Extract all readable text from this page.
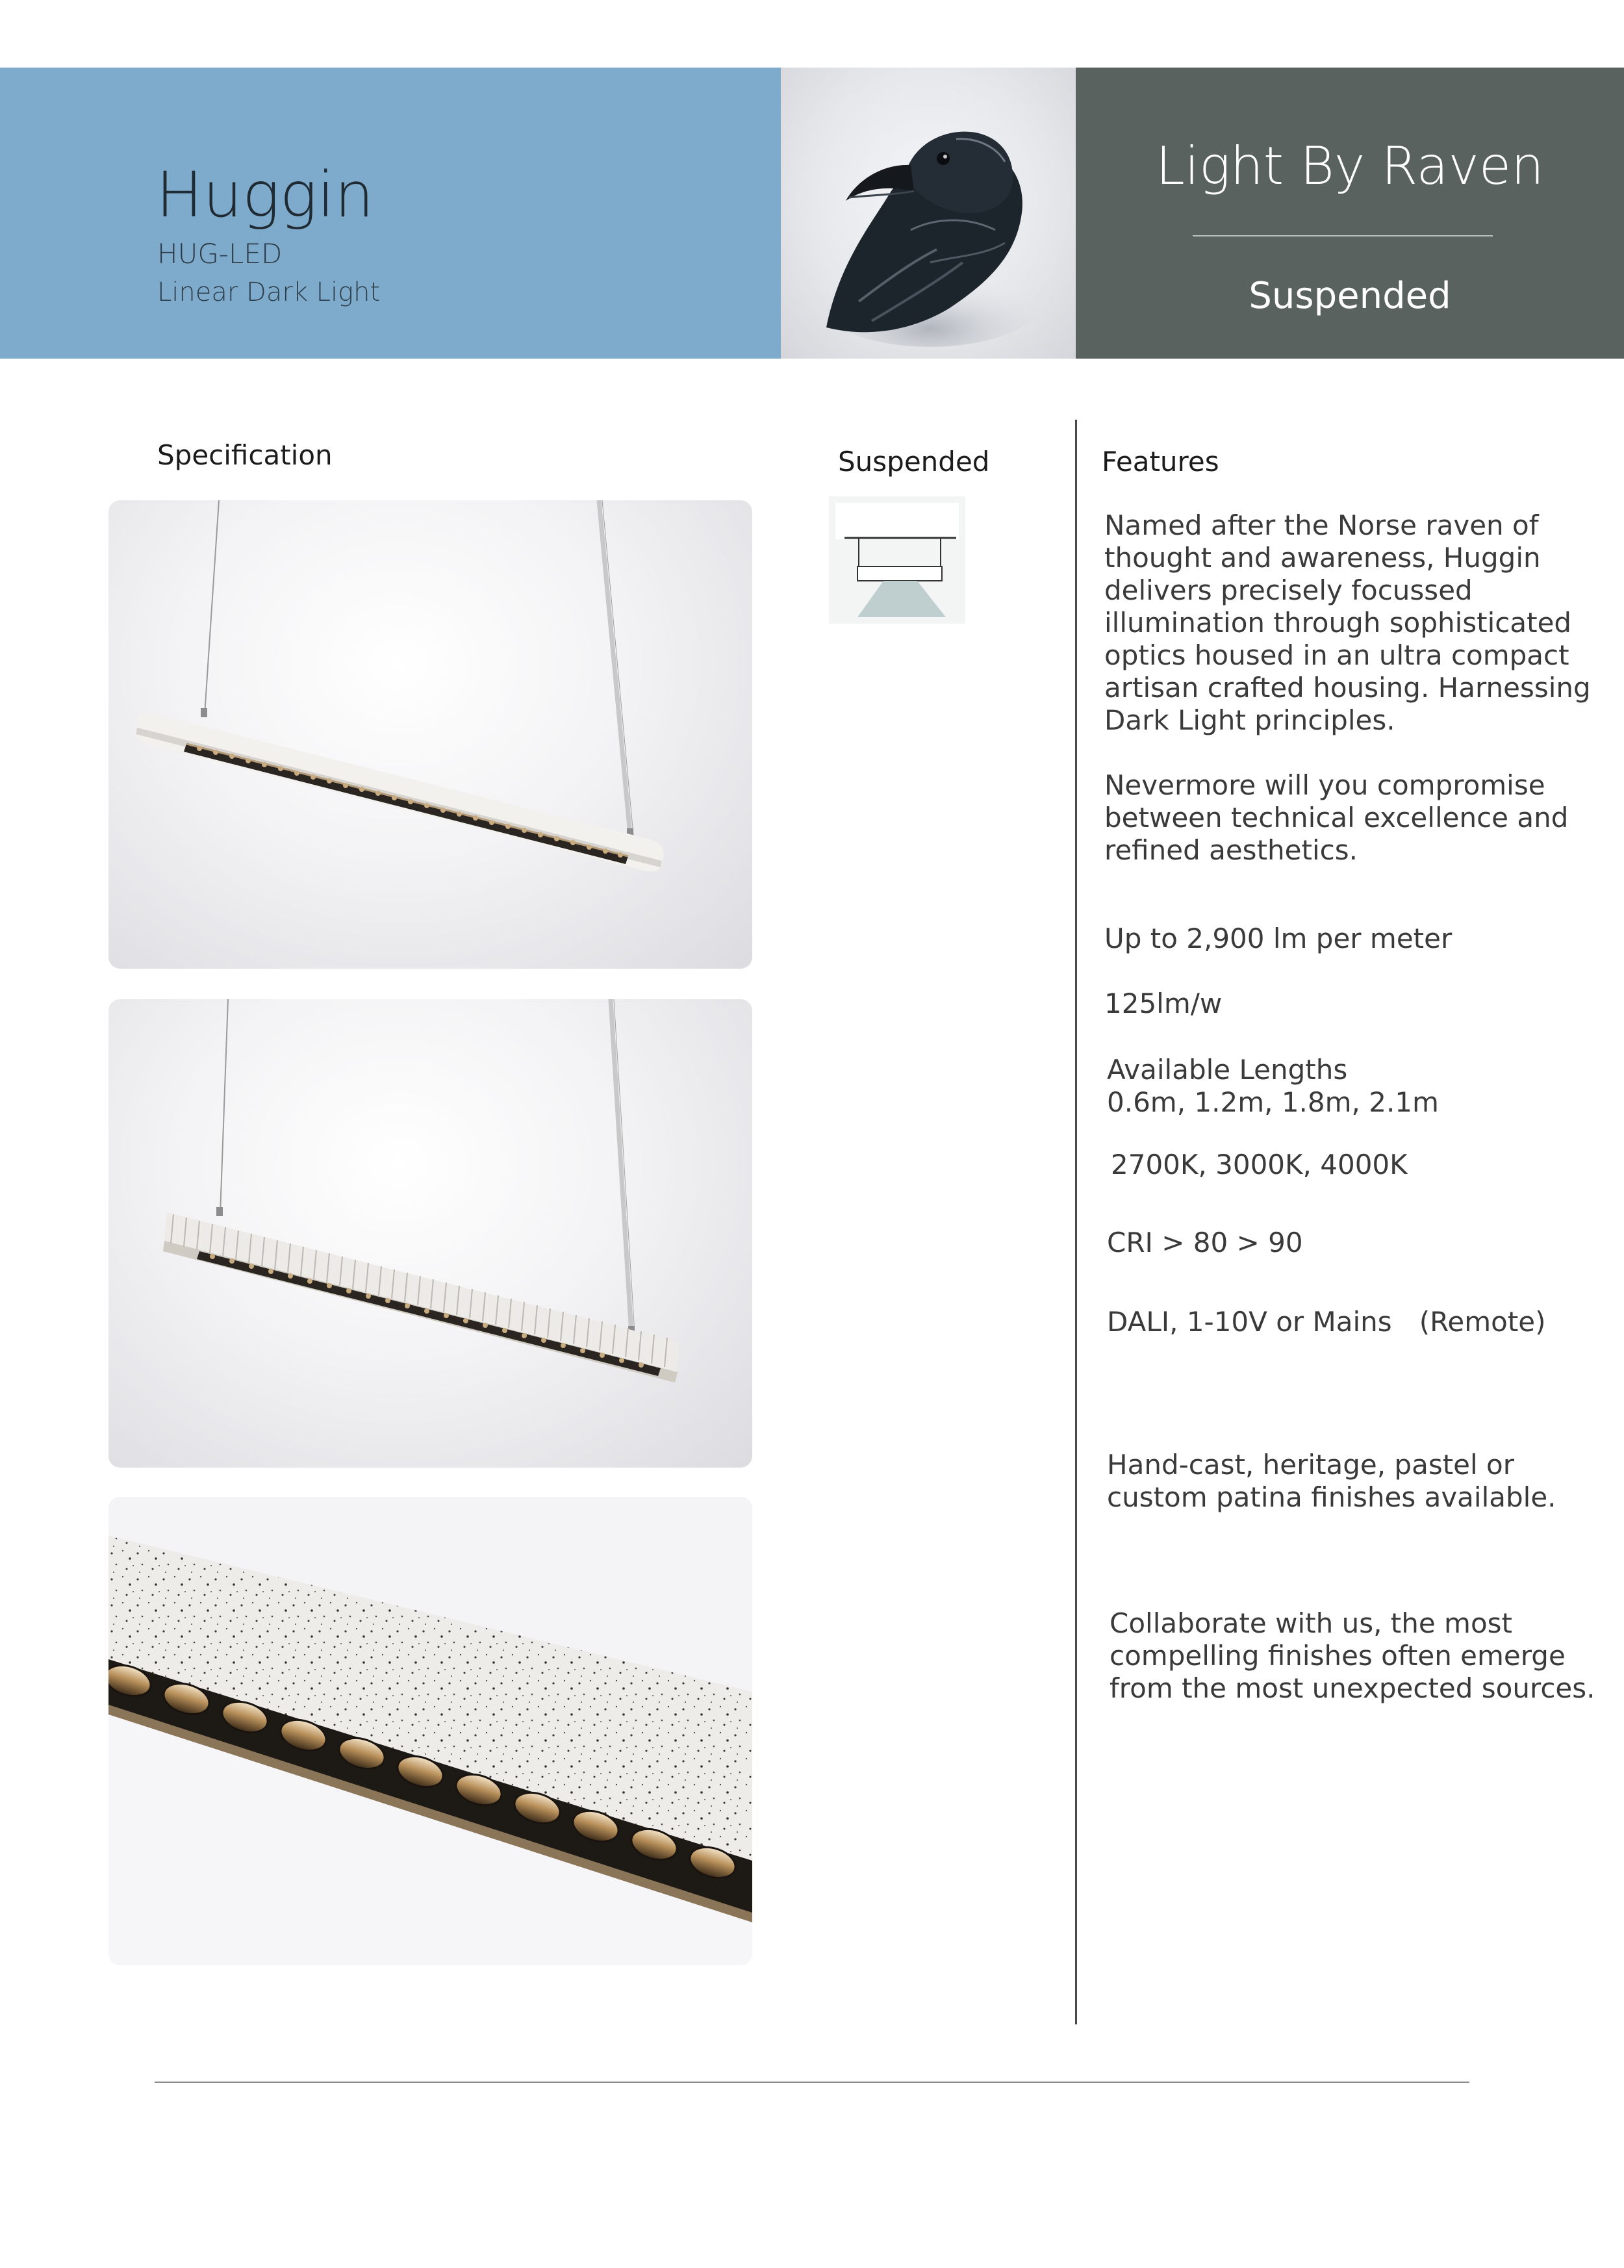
Huggin
HUG-LED
Linear Dark Light
Light By Raven
Suspended
Specification	Suspended	Features
Named after the Norse raven of
thought and awareness, Huggin
delivers precisely focussed
illumination through sophisticated
optics housed in an ultra compact
artisan crafted housing. Harnessing
Dark Light principles.
Nevermore will you compromise
between technical excellence and
refined aesthetics.
Up to 2,900 lm per meter
125lm/w
Available Lengths
0.6m, 1.2m, 1.8m, 2.1m
2700K, 3000K, 4000K
CRI > 80 > 90
DALI, 1-10V or Mains (Remote)
Hand-cast, heritage, pastel or
custom patina finishes available.
Collaborate with us, the most
compelling finishes often emerge
from the most unexpected sources.
